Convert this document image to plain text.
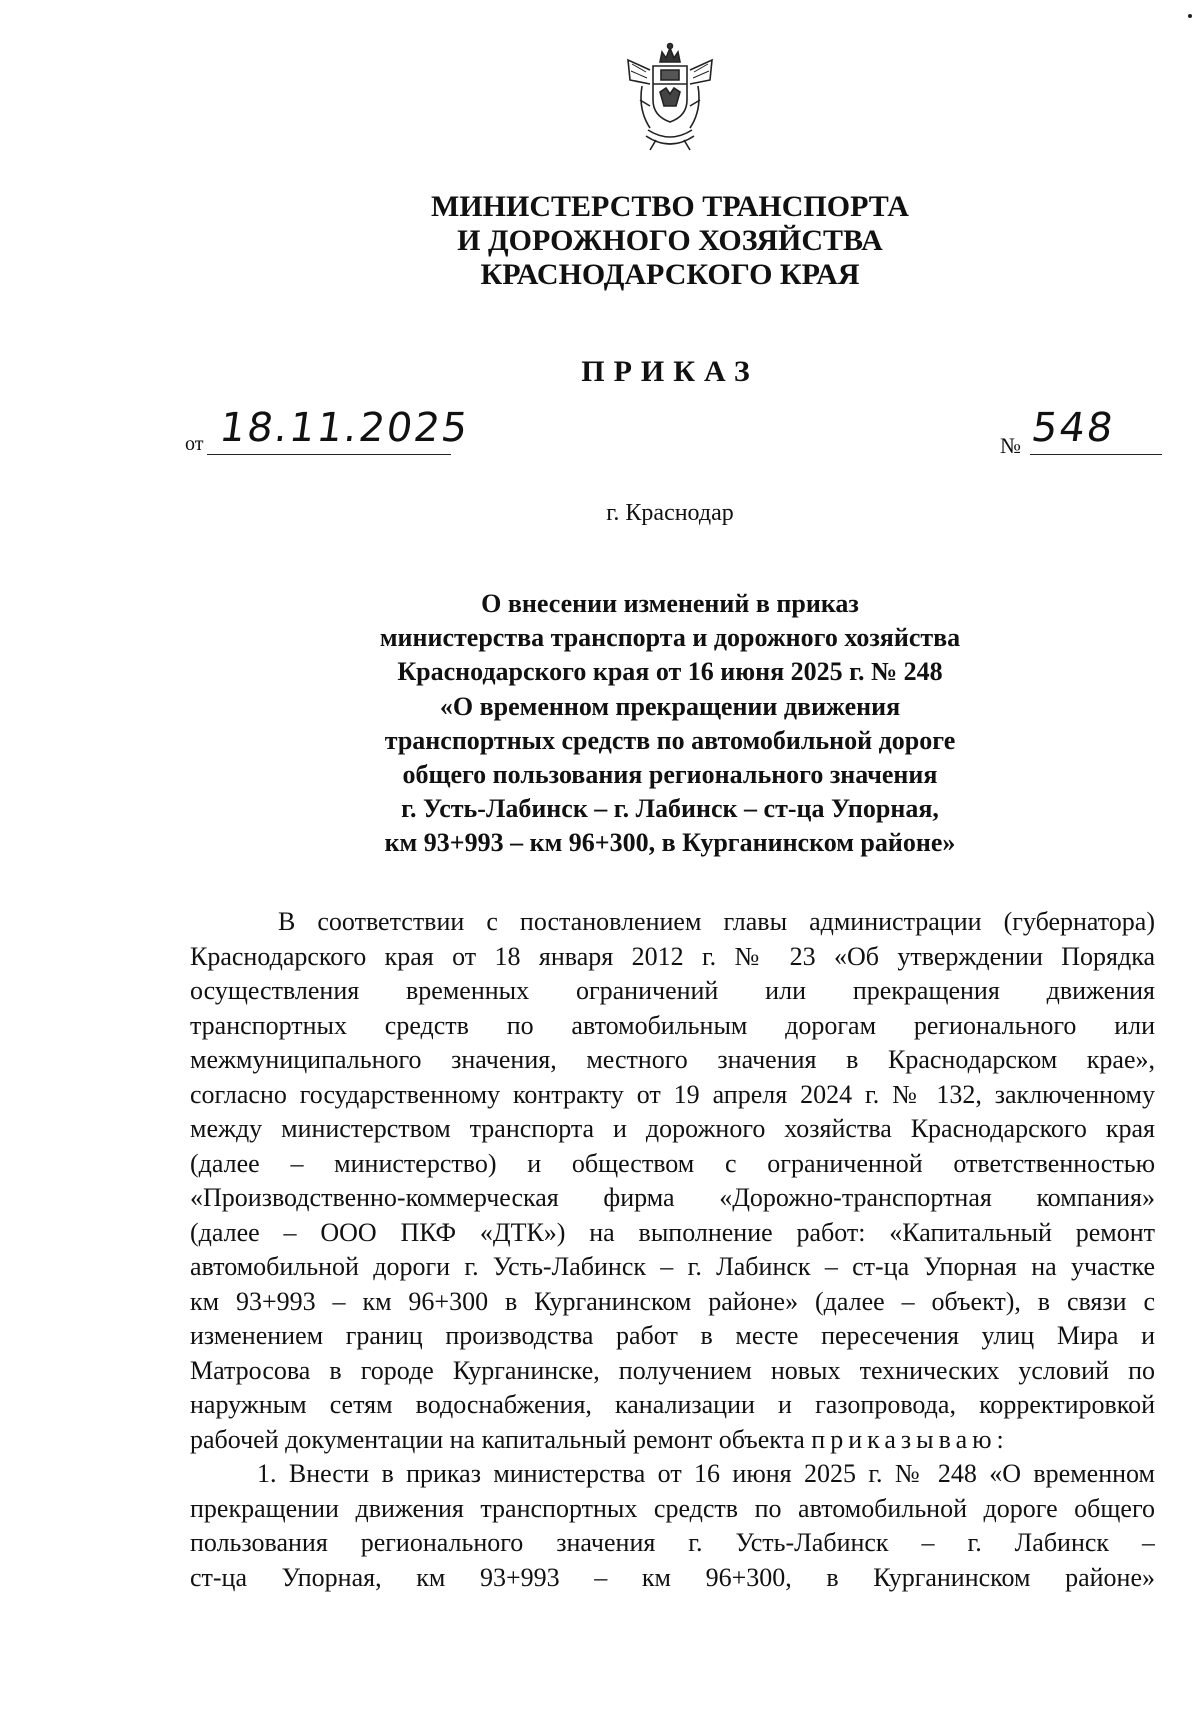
МИНИСТЕРСТВО ТРАНСПОРТА
И ДОРОЖНОГО ХОЗЯЙСТВА
КРАСНОДАРСКОГО КРАЯ
ПРИКАЗ
от 18.11.2025	№ 548
г. Краснодар
О внесении изменений в приказ
министерства транспорта и дорожного хозяйства
Краснодарского края от 16 июня 2025 г. № 248
«О временном прекращении движения
транспортных средств по автомобильной дороге
общего пользования регионального значения
г. Усть-Лабинск – г. Лабинск – ст-ца Упорная,
км 93+993 – км 96+300, в Курганинском районе»
В соответствии с постановлением главы администрации (губернатора)
Краснодарского края от 18 января 2012 г. № 23 «Об утверждении Порядка
осуществления временных ограничений или прекращения движения
транспортных средств по автомобильным дорогам регионального или
межмуниципального значения, местного значения в Краснодарском крае»,
согласно государственному контракту от 19 апреля 2024 г. № 132, заключенному
между министерством транспорта и дорожного хозяйства Краснодарского края
(далее – министерство) и обществом с ограниченной ответственностью
«Производственно-коммерческая фирма «Дорожно-транспортная компания»
(далее – ООО ПКФ «ДТК») на выполнение работ: «Капитальный ремонт
автомобильной дороги г. Усть-Лабинск – г. Лабинск – ст-ца Упорная на участке
км 93+993 – км 96+300 в Курганинском районе» (далее – объект), в связи с
изменением границ производства работ в месте пересечения улиц Мира и
Матросова в городе Курганинске, получением новых технических условий по
наружным сетям водоснабжения, канализации и газопровода, корректировкой
рабочей документации на капитальный ремонт объекта приказываю:
1. Внести в приказ министерства от 16 июня 2025 г. № 248 «О временном
прекращении движения транспортных средств по автомобильной дороге общего
пользования регионального значения г. Усть-Лабинск – г. Лабинск –
ст-ца Упорная, км 93+993 – км 96+300, в Курганинском районе»
